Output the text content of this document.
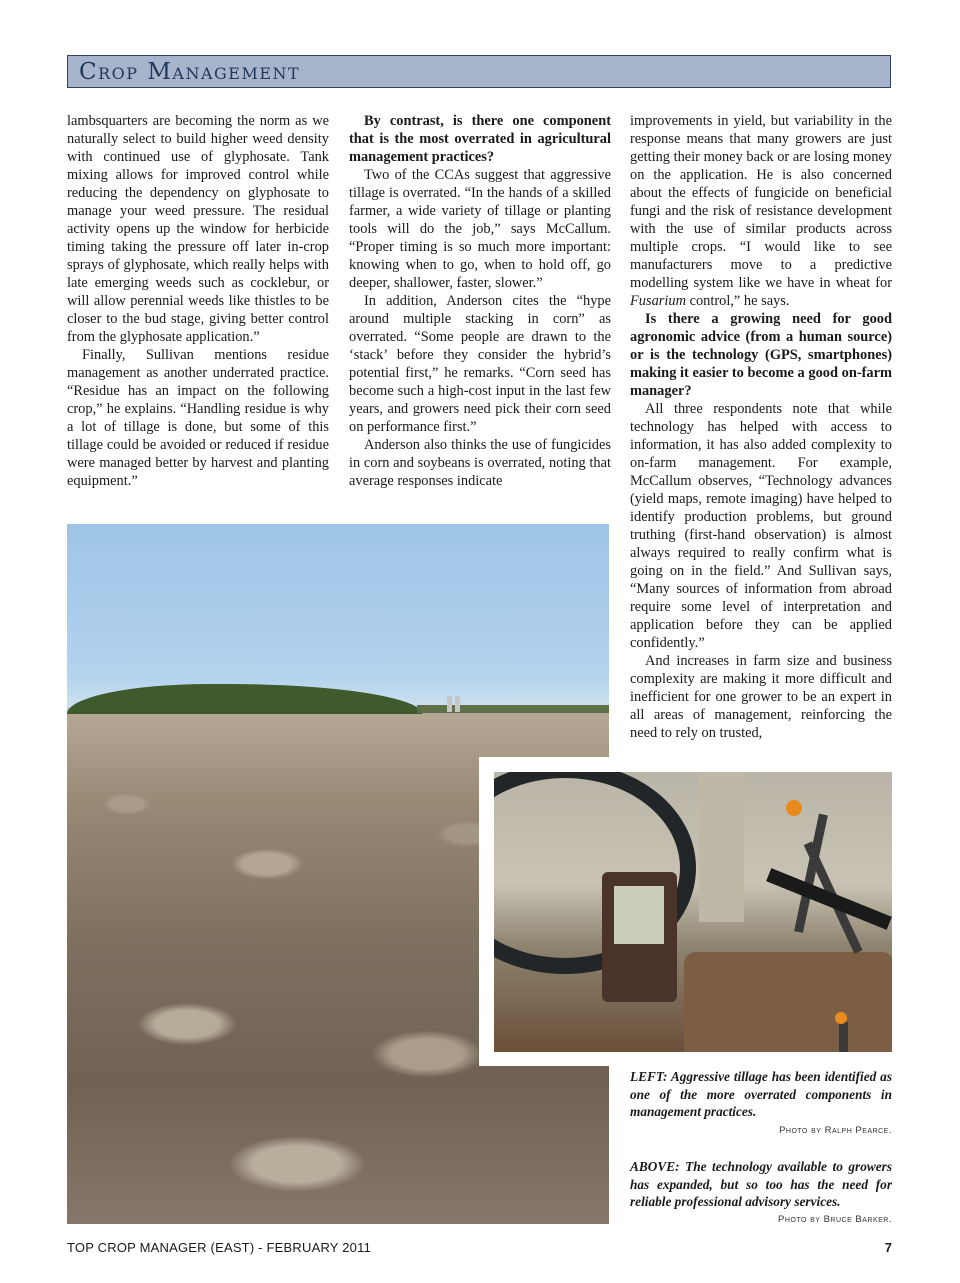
Crop Management

lambsquarters are becoming the norm as we naturally select to build higher weed density with continued use of glyphosate. Tank mixing allows for improved control while reducing the dependency on glyphosate to manage your weed pressure. The residual activity opens up the window for herbicide timing taking the pressure off later in-crop sprays of glyphosate, which really helps with late emerging weeds such as cocklebur, or will allow perennial weeds like thistles to be closer to the bud stage, giving better control from the glyphosate application.”

Finally, Sullivan mentions residue management as another underrated practice. “Residue has an impact on the following crop,” he explains. “Handling residue is why a lot of tillage is done, but some of this tillage could be avoided or reduced if residue were managed better by harvest and planting equipment.”

By contrast, is there one component that is the most overrated in agricultural management practices?

Two of the CCAs suggest that aggressive tillage is overrated. “In the hands of a skilled farmer, a wide variety of tillage or planting tools will do the job,” says McCallum. “Proper timing is so much more important: knowing when to go, when to hold off, go deeper, shallower, faster, slower.”

In addition, Anderson cites the “hype around multiple stacking in corn” as overrated. “Some people are drawn to the ‘stack’ before they consider the hybrid’s potential first,” he remarks. “Corn seed has become such a high-cost input in the last few years, and growers need pick their corn seed on performance first.”

Anderson also thinks the use of fungicides in corn and soybeans is overrated, noting that average responses indicate

improvements in yield, but variability in the response means that many growers are just getting their money back or are losing money on the application. He is also concerned about the effects of fungicide on beneficial fungi and the risk of resistance development with the use of similar products across multiple crops. “I would like to see manufacturers move to a predictive modelling system like we have in wheat for Fusarium control,” he says.

Is there a growing need for good agronomic advice (from a human source) or is the technology (GPS, smartphones) making it easier to become a good on-farm manager?

All three respondents note that while technology has helped with access to information, it has also added complexity to on-farm management. For example, McCallum observes, “Technology advances (yield maps, remote imaging) have helped to identify production problems, but ground truthing (first-hand observation) is almost always required to really confirm what is going on in the field.” And Sullivan says, “Many sources of information from abroad require some level of interpretation and application before they can be applied confidently.”

And increases in farm size and business complexity are making it more difficult and inefficient for one grower to be an expert in all areas of management, reinforcing the need to rely on trusted,

LEFT: Aggressive tillage has been identified as one of the more overrated components in management practices.
Photo by Ralph Pearce.
ABOVE: The technology available to growers has expanded, but so too has the need for reliable professional advisory services.
Photo by Bruce Barker.
TOP CROP MANAGER (EAST) - FEBRUARY 2011	7
